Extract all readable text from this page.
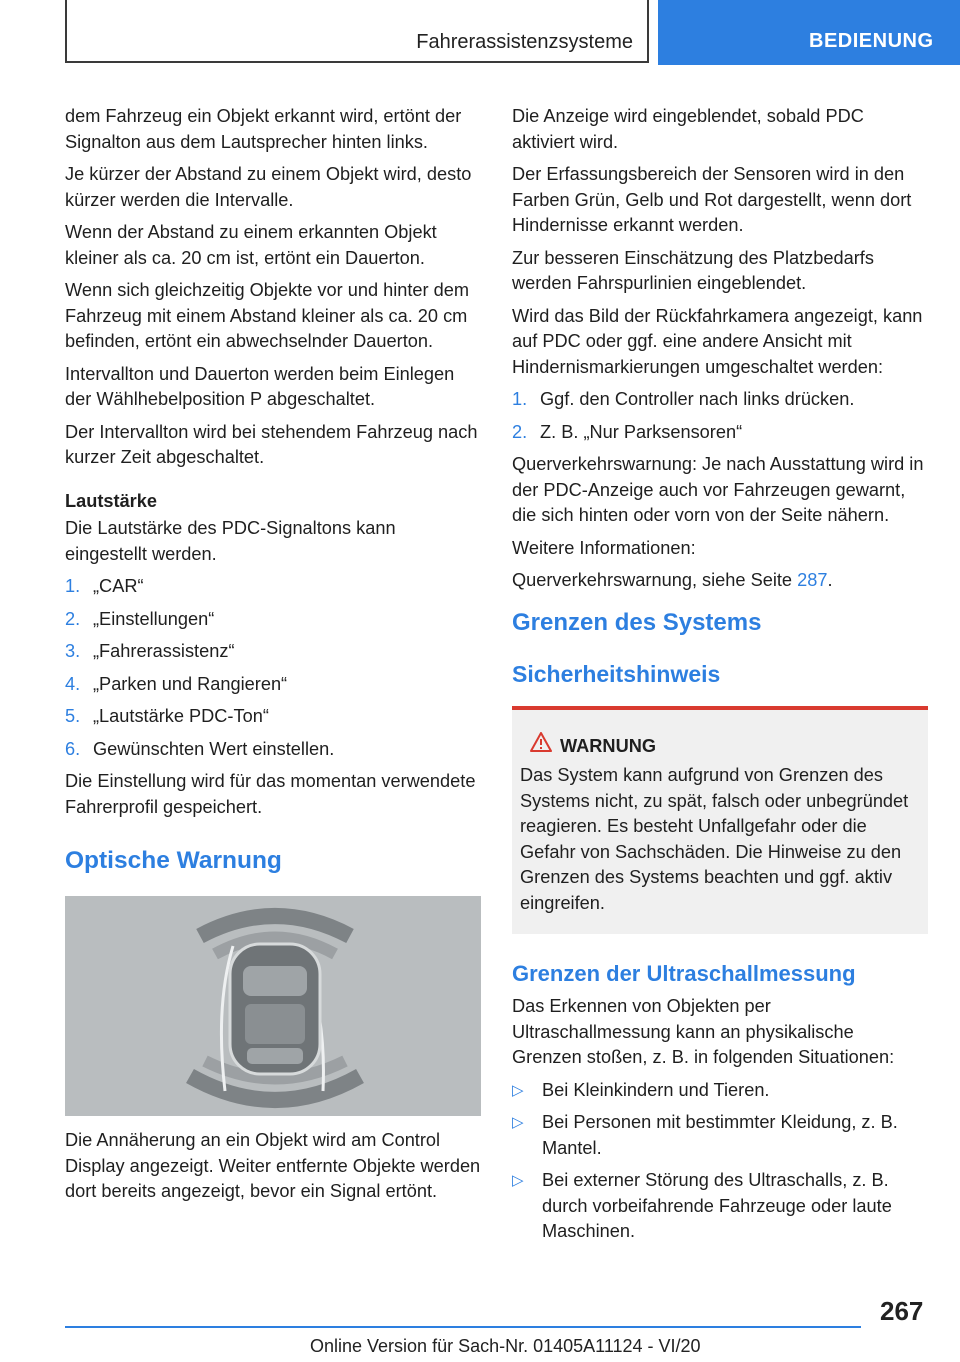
Fahrerassistenzsysteme	BEDIENUNG

dem Fahrzeug ein Objekt erkannt wird, ertönt der Signalton aus dem Lautsprecher hinten links.

Je kürzer der Abstand zu einem Objekt wird, desto kürzer werden die Intervalle.

Wenn der Abstand zu einem erkannten Objekt kleiner als ca. 20 cm ist, ertönt ein Dauerton.

Wenn sich gleichzeitig Objekte vor und hinter dem Fahrzeug mit einem Abstand kleiner als ca. 20 cm befinden, ertönt ein abwechselnder Dauerton.

Intervallton und Dauerton werden beim Einlegen der Wählhebelposition P abgeschaltet.

Der Intervallton wird bei stehendem Fahrzeug nach kurzer Zeit abgeschaltet.

Lautstärke

Die Lautstärke des PDC-Signaltons kann eingestellt werden.

1. „CAR“
2. „Einstellungen“
3. „Fahrerassistenz“
4. „Parken und Rangieren“
5. „Lautstärke PDC-Ton“
6. Gewünschten Wert einstellen.

Die Einstellung wird für das momentan verwendete Fahrerprofil gespeichert.

Optische Warnung

Die Annäherung an ein Objekt wird am Control Display angezeigt. Weiter entfernte Objekte werden dort bereits angezeigt, bevor ein Signal ertönt.

Die Anzeige wird eingeblendet, sobald PDC aktiviert wird.

Der Erfassungsbereich der Sensoren wird in den Farben Grün, Gelb und Rot dargestellt, wenn dort Hindernisse erkannt werden.

Zur besseren Einschätzung des Platzbedarfs werden Fahrspurlinien eingeblendet.

Wird das Bild der Rückfahrkamera angezeigt, kann auf PDC oder ggf. eine andere Ansicht mit Hindernismarkierungen umgeschaltet werden:

1. Ggf. den Controller nach links drücken.
2. Z. B. „Nur Parksensoren“

Querverkehrswarnung: Je nach Ausstattung wird in der PDC-Anzeige auch vor Fahrzeugen gewarnt, die sich hinten oder vorn von der Seite nähern.

Weitere Informationen:

Querverkehrswarnung, siehe Seite 287.

Grenzen des Systems
Sicherheitshinweis
WARNUNG
Das System kann aufgrund von Grenzen des Systems nicht, zu spät, falsch oder unbegründet reagieren. Es besteht Unfallgefahr oder die Gefahr von Sachschäden. Die Hinweise zu den Grenzen des Systems beachten und ggf. aktiv eingreifen.
Grenzen der Ultraschallmessung

Das Erkennen von Objekten per Ultraschallmessung kann an physikalische Grenzen stoßen, z. B. in folgenden Situationen:

▷ Bei Kleinkindern und Tieren.
▷ Bei Personen mit bestimmter Kleidung, z. B. Mantel.
▷ Bei externer Störung des Ultraschalls, z. B. durch vorbeifahrende Fahrzeuge oder laute Maschinen.
267
Online Version für Sach-Nr. 01405A11124 - VI/20
